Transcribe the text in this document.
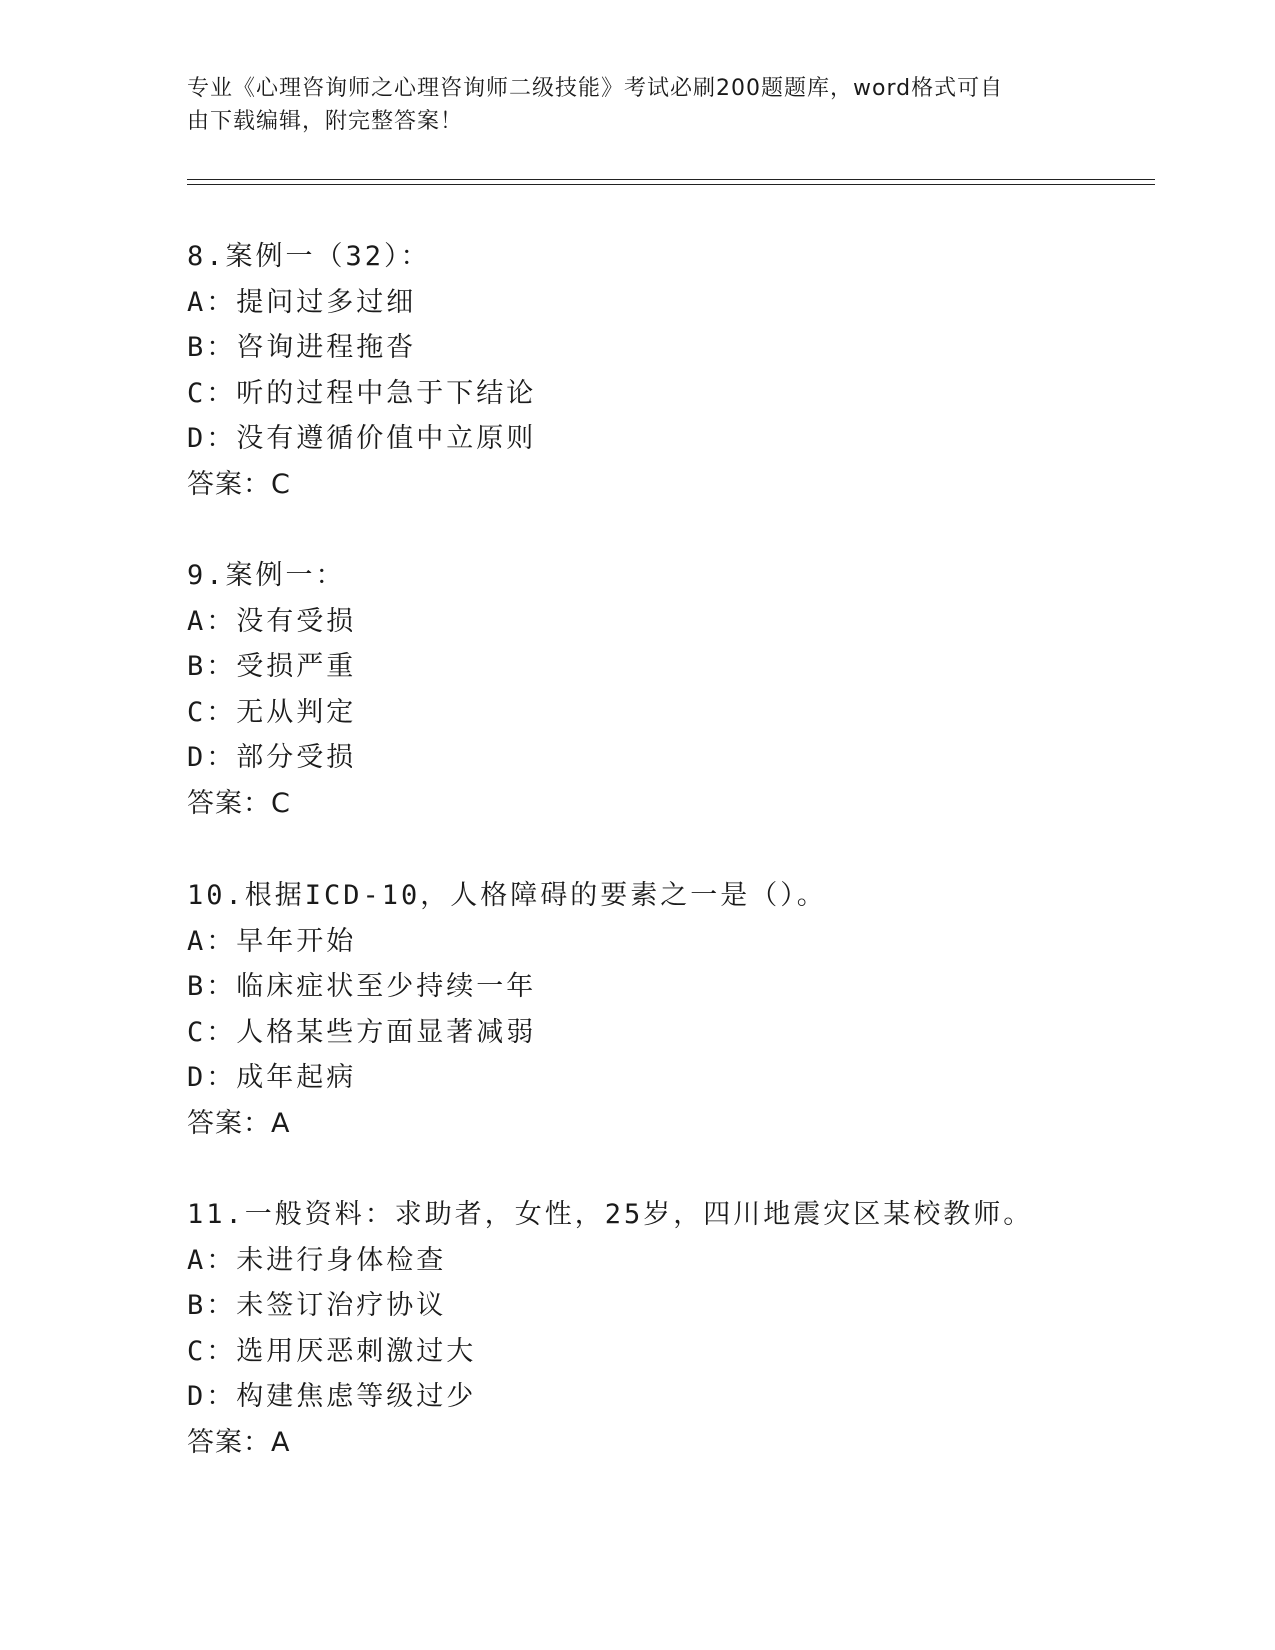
专业《心理咨询师之心理咨询师二级技能》考试必刷200题题库，word格式可自
由下载编辑，附完整答案！
8.案例一（32）：
A：提问过多过细
B：咨询进程拖沓
C：听的过程中急于下结论
D：没有遵循价值中立原则
答案：C
9.案例一：
A：没有受损
B：受损严重
C：无从判定
D：部分受损
答案：C
10.根据ICD-10，人格障碍的要素之一是（）。
A：早年开始
B：临床症状至少持续一年
C：人格某些方面显著减弱
D：成年起病
答案：A
11.一般资料：求助者，女性，25岁，四川地震灾区某校教师。
A：未进行身体检查
B：未签订治疗协议
C：选用厌恶刺激过大
D：构建焦虑等级过少
答案：A
